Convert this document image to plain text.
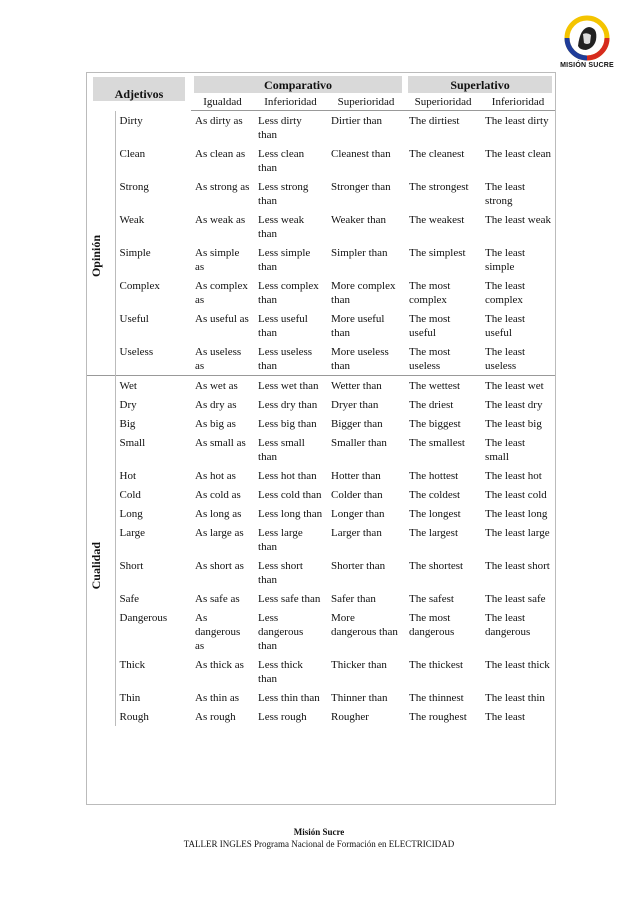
MISIÓN SUCRE
Adjetivos		Comparativo			Superlativo	

		Igualdad	Inferioridad	Superioridad	Superioridad	Inferioridad

Opinión	Dirty	As dirty as	Less dirty than	Dirtier than	The dirtiest	The least dirty
	Clean	As clean as	Less clean than	Cleanest than	The cleanest	The least clean
	Strong	As strong as	Less strong than	Stronger than	The strongest	The least strong
	Weak	As weak as	Less weak than	Weaker than	The weakest	The least weak
	Simple	As simple as	Less simple than	Simpler than	The simplest	The least simple
	Complex	As complex as	Less complex than	More complex than	The most complex	The least complex
	Useful	As useful as	Less useful than	More useful than	The most useful	The least useful
	Useless	As useless as	Less useless than	More useless than	The most useless	The least useless

Cualidad	Wet	As wet as	Less wet than	Wetter than	The wettest	The least wet
	Dry	As dry as	Less dry than	Dryer than	The driest	The least dry
	Big	As big as	Less big than	Bigger than	The biggest	The least big
	Small	As small as	Less small than	Smaller than	The smallest	The least small
	Hot	As hot as	Less hot than	Hotter than	The hottest	The least hot
	Cold	As cold as	Less cold than	Colder than	The coldest	The least cold
	Long	As long as	Less long than	Longer than	The longest	The least long
	Large	As large as	Less large than	Larger than	The largest	The least large
	Short	As short as	Less short than	Shorter than	The shortest	The least short
	Safe	As safe as	Less safe than	Safer than	The safest	The least safe
	Dangerous	As dangerous as	Less dangerous than	More dangerous than	The most dangerous	The least dangerous
	Thick	As thick as	Less thick than	Thicker than	The thickest	The least thick
	Thin	As thin as	Less thin than	Thinner than	The thinnest	The least thin
	Rough	As rough	Less rough	Rougher	The roughest	The least
Misión Sucre
TALLER INGLES Programa Nacional de Formación en ELECTRICIDAD
